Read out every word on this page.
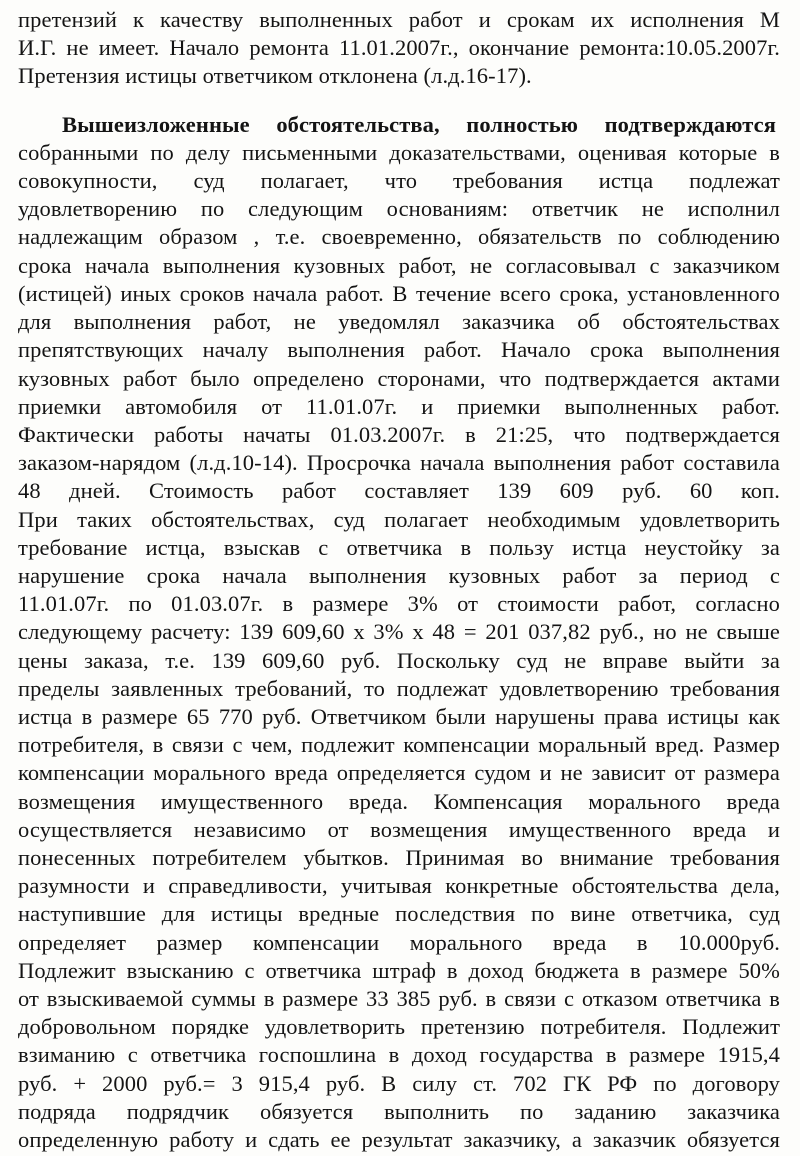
претензий к качеству выполненных работ и срокам их исполнения М
И.Г. не имеет. Начало ремонта 11.01.2007г., окончание ремонта:10.05.2007г.
Претензия истицы ответчиком отклонена (л.д.16-17).
Вышеизложенные обстоятельства, полностью подтверждаются
собранными по делу письменными доказательствами, оценивая которые в
совокупности, суд полагает, что требования истца подлежат
удовлетворению по следующим основаниям: ответчик не исполнил
надлежащим образом , т.е. своевременно, обязательств по соблюдению
срока начала выполнения кузовных работ, не согласовывал с заказчиком
(истицей) иных сроков начала работ. В течение всего срока, установленного
для выполнения работ, не уведомлял заказчика об обстоятельствах
препятствующих началу выполнения работ. Начало срока выполнения
кузовных работ было определено сторонами, что подтверждается актами
приемки автомобиля от 11.01.07г. и приемки выполненных работ.
Фактически работы начаты 01.03.2007г. в 21:25, что подтверждается
заказом-нарядом (л.д.10-14). Просрочка начала выполнения работ составила
48 дней. Стоимость работ составляет 139 609 руб. 60 коп.
При таких обстоятельствах, суд полагает необходимым удовлетворить
требование истца, взыскав с ответчика в пользу истца неустойку за
нарушение срока начала выполнения кузовных работ за период с
11.01.07г. по 01.03.07г. в размере 3% от стоимости работ, согласно
следующему расчету: 139 609,60 х 3% х 48 = 201 037,82 руб., но не свыше
цены заказа, т.е. 139 609,60 руб. Поскольку суд не вправе выйти за
пределы заявленных требований, то подлежат удовлетворению требования
истца в размере 65 770 руб. Ответчиком были нарушены права истицы как
потребителя, в связи с чем, подлежит компенсации моральный вред. Размер
компенсации морального вреда определяется судом и не зависит от размера
возмещения имущественного вреда. Компенсация морального вреда
осуществляется независимо от возмещения имущественного вреда и
понесенных потребителем убытков. Принимая во внимание требования
разумности и справедливости, учитывая конкретные обстоятельства дела,
наступившие для истицы вредные последствия по вине ответчика, суд
определяет размер компенсации морального вреда в 10.000руб.
Подлежит взысканию с ответчика штраф в доход бюджета в размере 50%
от взыскиваемой суммы в размере 33 385 руб. в связи с отказом ответчика в
добровольном порядке удовлетворить претензию потребителя. Подлежит
взиманию с ответчика госпошлина в доход государства в размере 1915,4
руб. + 2000 руб.= 3 915,4 руб. В силу ст. 702 ГК РФ по договору
подряда подрядчик обязуется выполнить по заданию заказчика
определенную работу и сдать ее результат заказчику, а заказчик обязуется
